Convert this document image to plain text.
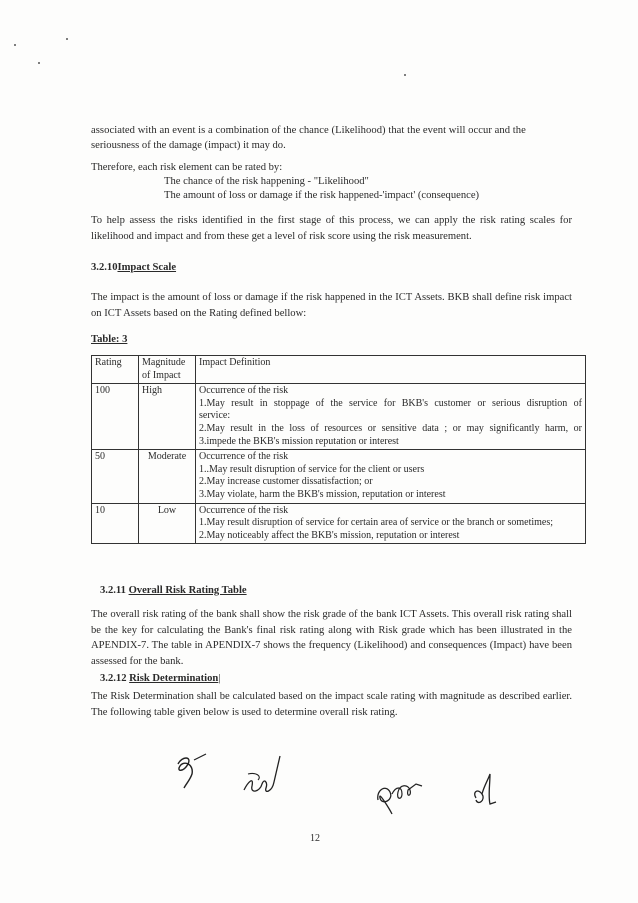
associated with an event is a combination of the chance (Likelihood) that the event will occur and the
seriousness of the damage (impact) it may do.
Therefore, each risk element can be rated by:
The chance of the risk happening - "Likelihood"
The amount of loss or damage if the risk happened-'impact' (consequence)
To help assess the risks identified in the first stage of this process, we can apply the risk rating scales for likelihood and impact and from these get a level of risk score using the risk measurement.
3.2.10Impact Scale
The impact is the amount of loss or damage if the risk happened in the ICT Assets. BKB shall define risk impact on ICT Assets based on the Rating defined bellow:
Table: 3
Rating	Magnitude of Impact	Impact Definition
100	High	Occurrence of the risk
1.May result in stoppage of the service for BKB's customer or serious disruption of
service:
2.May result in the loss of resources or sensitive data ; or may significantly harm, or
3.impede the BKB's mission reputation or interest

50	Moderate	Occurrence of the risk
1..May result disruption of service for the client or users
2.May increase customer dissatisfaction; or
3.May violate, harm the BKB's mission, reputation or interest

10	Low	Occurrence of the risk
1.May result disruption of service for certain area of service or the branch or sometimes;
2.May noticeably affect the BKB's mission, reputation or interest
3.2.11 Overall Risk Rating Table
The overall risk rating of the bank shall show the risk grade of the bank ICT Assets. This overall risk rating shall be the key for calculating the Bank's final risk rating along with Risk grade which has been illustrated in the APENDIX-7. The table in APENDIX-7 shows the frequency (Likelihood) and consequences (Impact) have been assessed for the bank.
3.2.12 Risk Determination|
The Risk Determination shall be calculated based on the impact scale rating with magnitude as described earlier. The following table given below is used to determine overall risk rating.
12
